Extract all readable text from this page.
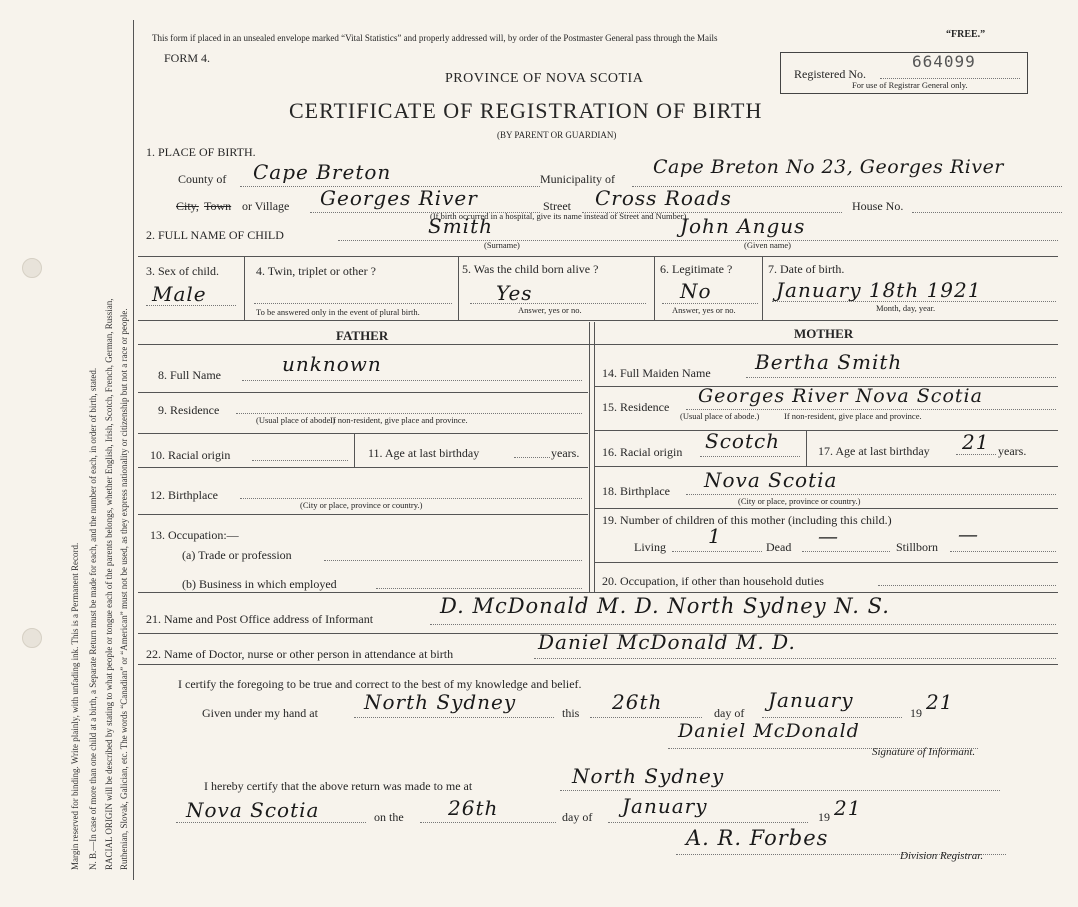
Margin reserved for binding. Write plainly, with unfading ink. This is a Permanent Record. N. B.—In case of more than one child at a birth, a Separate Return must be made for each, and the number of each, in order of birth, stated. RACIAL ORIGIN will be described by stating to what people or tongue each of the parents belongs, whether English, Irish, Scotch, French, German, Russian, Ruthenian, Slovak, Galician, etc. The words “Canadian” or “American” must not be used, as they express nationality or citizenship but not a race or people.
This form if placed in an unsealed envelope marked “Vital Statistics” and properly addressed will, by order of the Postmaster General pass through the Mails	“FREE.”
FORM 4.
PROVINCE OF NOVA SCOTIA
CERTIFICATE OF REGISTRATION OF BIRTH
(BY PARENT OR GUARDIAN)
Registered No.
664099
For use of Registrar General only.
1. PLACE OF BIRTH.
County of Cape Breton	Municipality of
Cape Breton No 23, Georges River
City, Town or Village Georges River	Street Cross Roads	House No.
(If birth occurred in a hospital, give its name instead of Street and Number)
2. FULL NAME OF CHILD	Smith
(Surname)
John Angus
(Given name)
3. Sex of child.
Male
4. Twin, triplet or other ?
To be answered only in the event of plural birth.
5. Was the child born alive ?
Yes
Answer, yes or no.
6. Legitimate ?
No
Answer, yes or no.
7. Date of birth.
January 18th 1921
Month, day, year.
FATHER	MOTHER
8. Full Name	unknown
9. Residence
(Usual place of abode.)
If non-resident, give place and province.
10. Racial origin	11. Age at last birthday	years.
12. Birthplace
(City or place, province or country.)
13. Occupation:—
(a) Trade or profession
(b) Business in which employed
14. Full Maiden Name Bertha Smith
15. Residence Georges River Nova Scotia
(Usual place of abode.)	If non-resident, give place and province.
16. Racial origin Scotch	17. Age at last birthday 21 years.
18. Birthplace Nova Scotia
(City or place, province or country.)
19. Number of children of this mother (including this child.)
Living 1	Dead —	Stillborn
—
20. Occupation, if other than household duties
21. Name and Post Office address of Informant
D. McDonald M. D. North Sydney N. S.
22. Name of Doctor, nurse or other person in attendance at birth	Daniel McDonald M. D.
I certify the foregoing to be true and correct to the best of my knowledge and belief.
Given under my hand at North Sydney	this 26th	day of
January
19 21
Daniel McDonald
Signature of Informant.
I hereby certify that the above return was made to me at	North Sydney
Nova Scotia	on the 26th	day of January	19 21
A. R. Forbes
Division Registrar.
